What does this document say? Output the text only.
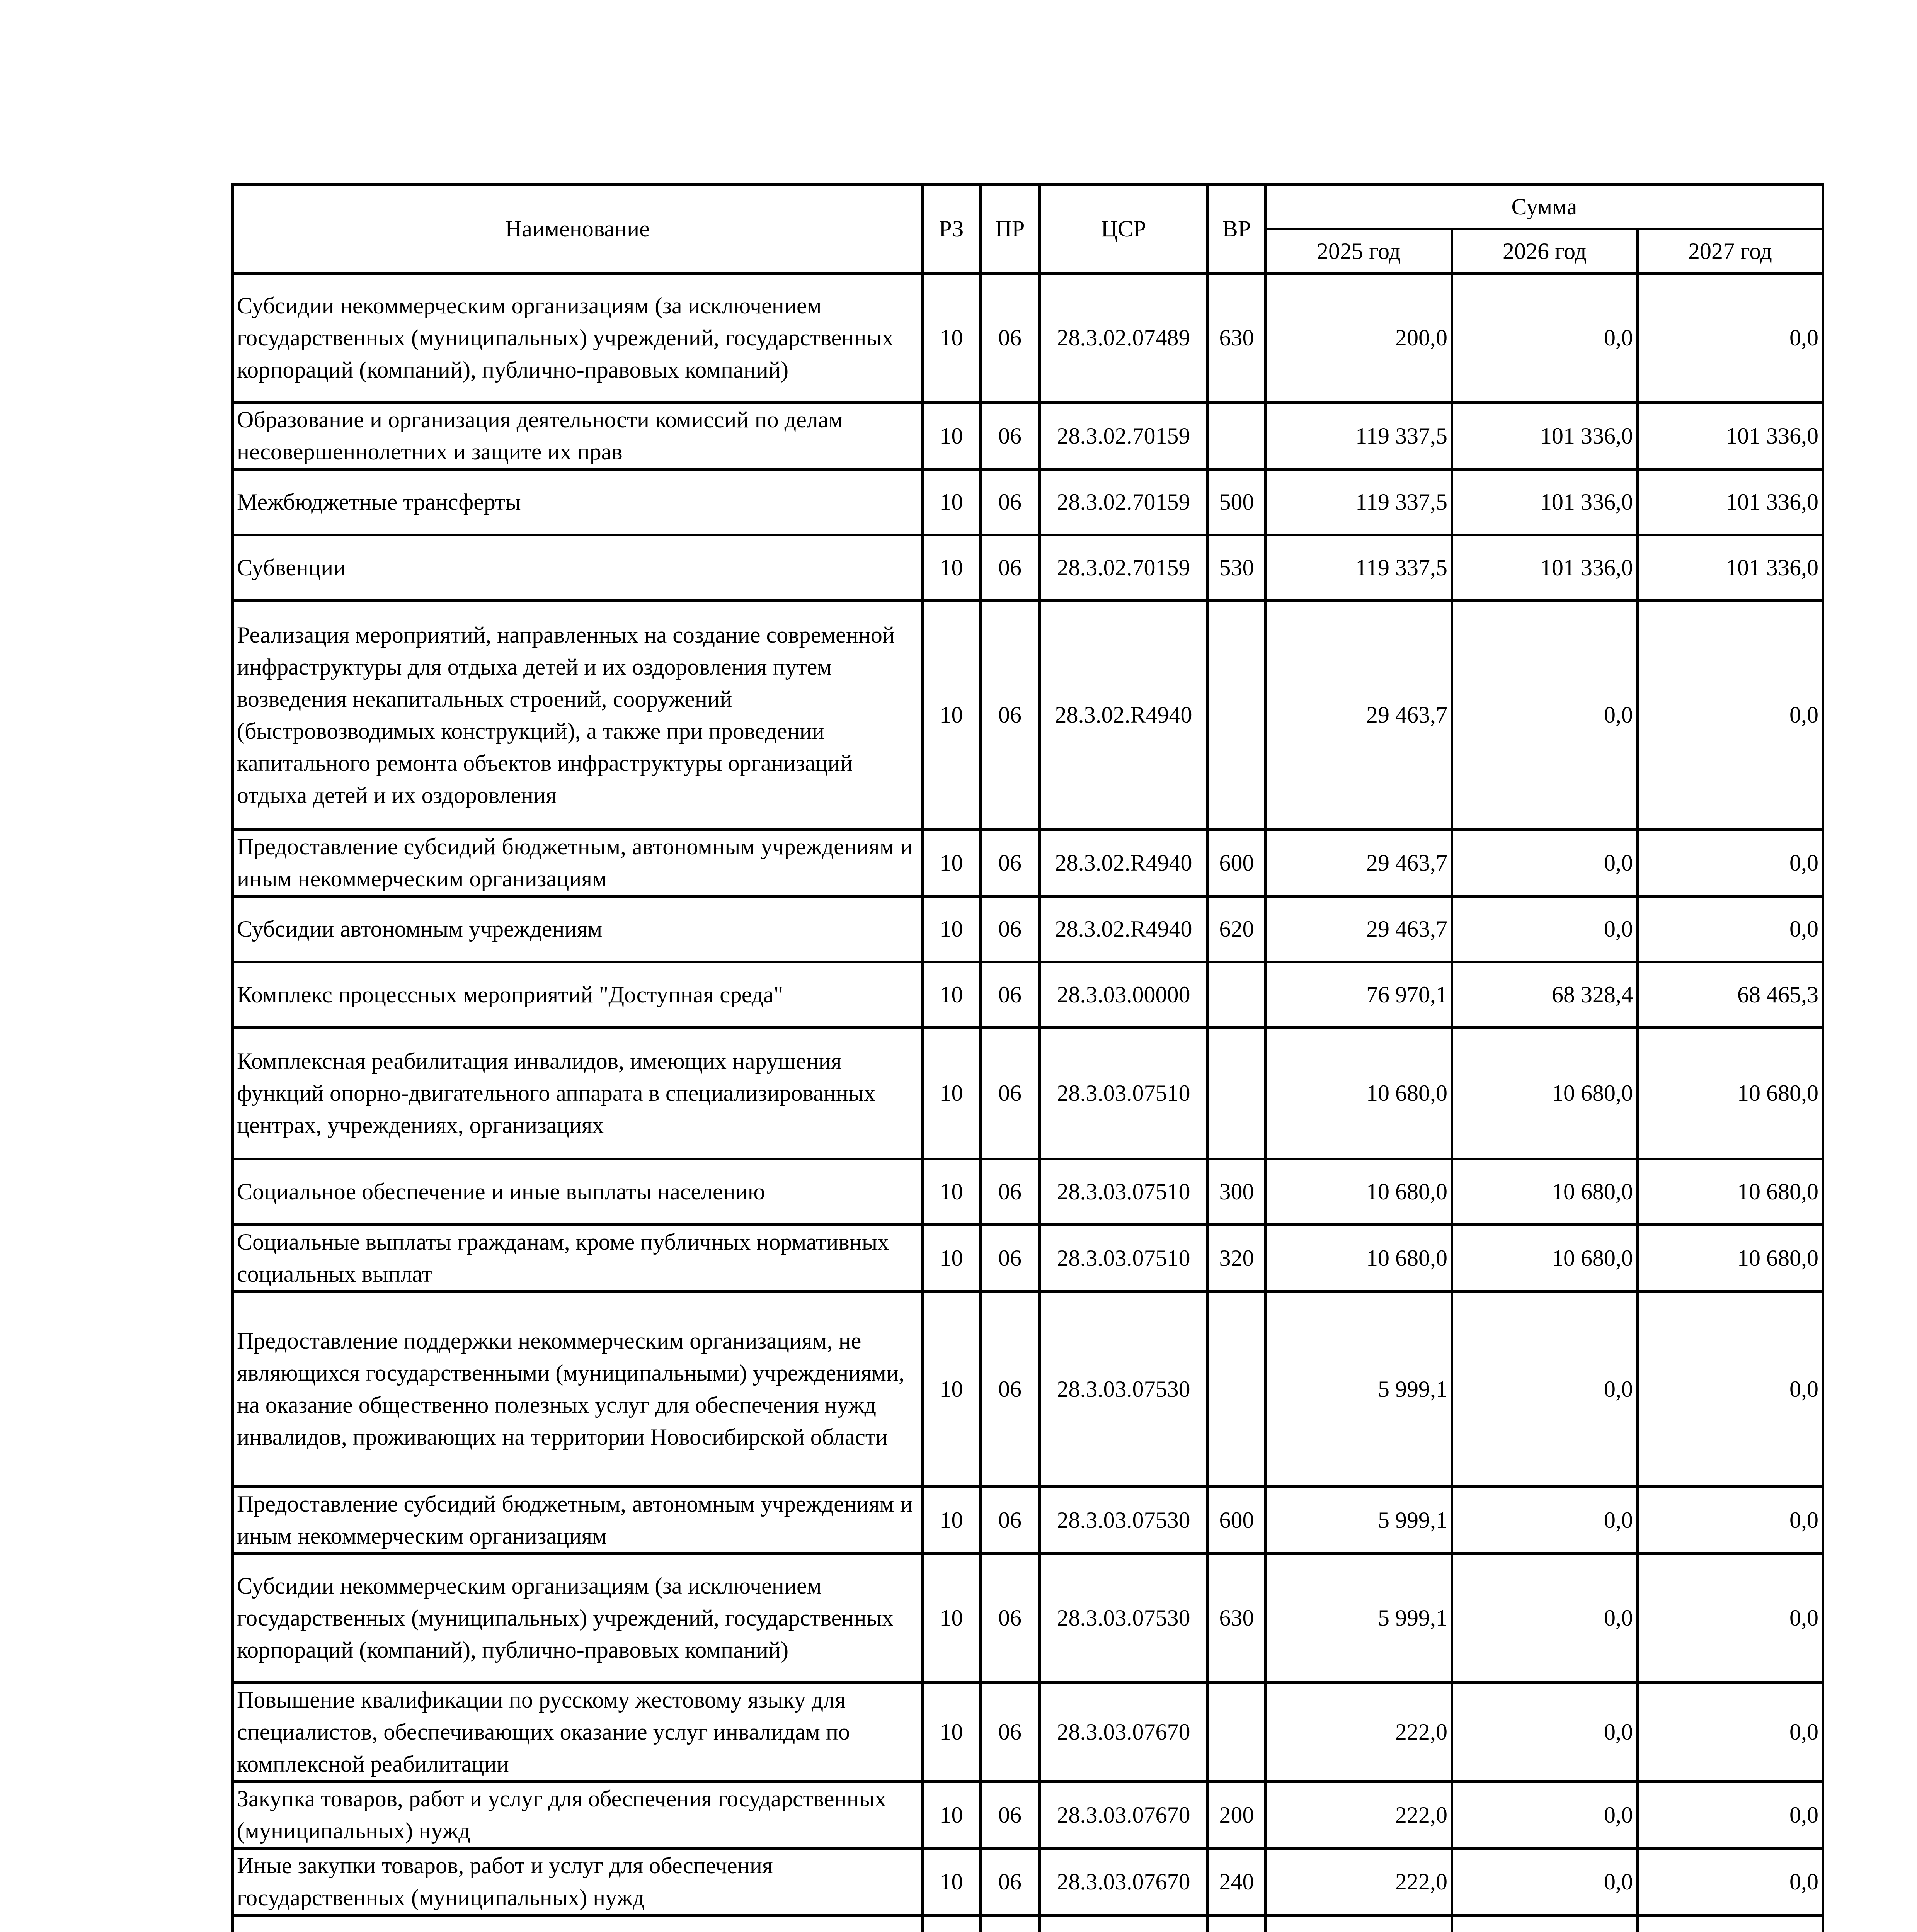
Наименование	РЗ	ПР	ЦСР	ВР	Сумма		
					2025 год	2026 год	2027 год
Субсидии некоммерческим организациям (за исключением государственных (муниципальных) учреждений, государственных корпораций (компаний), публично-правовых компаний)	10	06	28.3.02.07489	630	200,0	0,0	0,0
Образование и организация деятельности комиссий по делам несовершеннолетних и защите их прав	10	06	28.3.02.70159		119 337,5	101 336,0	101 336,0
Межбюджетные трансферты	10	06	28.3.02.70159	500	119 337,5	101 336,0	101 336,0
Субвенции	10	06	28.3.02.70159	530	119 337,5	101 336,0	101 336,0
Реализация мероприятий, направленных на создание современной инфраструктуры для отдыха детей и их оздоровления путем возведения некапитальных строений, сооружений (быстровозводимых конструкций), а также при проведении капитального ремонта объектов инфраструктуры организаций отдыха детей и их оздоровления	10	06	28.3.02.R4940		29 463,7	0,0	0,0
Предоставление субсидий бюджетным, автономным учреждениям и иным некоммерческим организациям	10	06	28.3.02.R4940	600	29 463,7	0,0	0,0
Субсидии автономным учреждениям	10	06	28.3.02.R4940	620	29 463,7	0,0	0,0
Комплекс процессных мероприятий "Доступная среда"	10	06	28.3.03.00000		76 970,1	68 328,4	68 465,3
Комплексная реабилитация инвалидов, имеющих нарушения функций опорно-двигательного аппарата в специализированных центрах, учреждениях, организациях	10	06	28.3.03.07510		10 680,0	10 680,0	10 680,0
Социальное обеспечение и иные выплаты населению	10	06	28.3.03.07510	300	10 680,0	10 680,0	10 680,0
Социальные выплаты гражданам, кроме публичных нормативных социальных выплат	10	06	28.3.03.07510	320	10 680,0	10 680,0	10 680,0
Предоставление поддержки некоммерческим организациям, не являющихся государственными (муниципальными) учреждениями, на оказание общественно полезных услуг для обеспечения нужд инвалидов, проживающих на территории Новосибирской области	10	06	28.3.03.07530		5 999,1	0,0	0,0
Предоставление субсидий бюджетным, автономным учреждениям и иным некоммерческим организациям	10	06	28.3.03.07530	600	5 999,1	0,0	0,0
Субсидии некоммерческим организациям (за исключением государственных (муниципальных) учреждений, государственных корпораций (компаний), публично-правовых компаний)	10	06	28.3.03.07530	630	5 999,1	0,0	0,0
Повышение квалификации по русскому жестовому языку для специалистов, обеспечивающих оказание услуг инвалидам по комплексной реабилитации	10	06	28.3.03.07670		222,0	0,0	0,0
Закупка товаров, работ и услуг для обеспечения государственных (муниципальных) нужд	10	06	28.3.03.07670	200	222,0	0,0	0,0
Иные закупки товаров, работ и услуг для обеспечения государственных (муниципальных) нужд	10	06	28.3.03.07670	240	222,0	0,0	0,0
